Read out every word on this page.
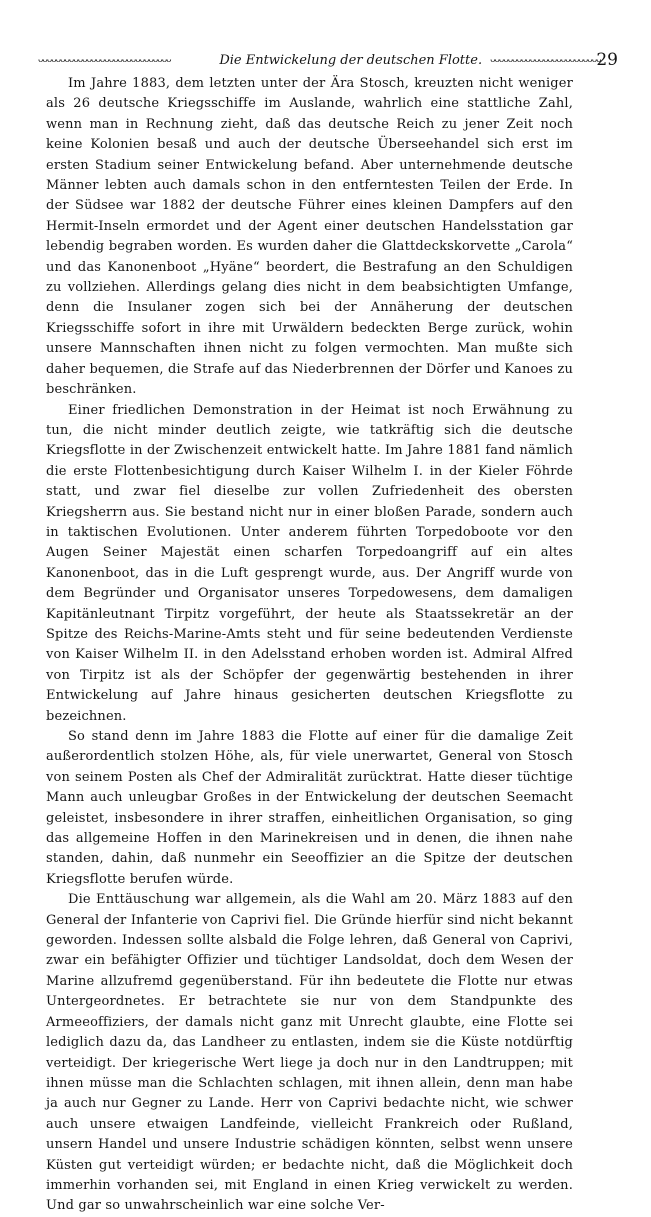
ᴗᴗᴗᴗᴗᴗᴗᴗᴗᴗᴗᴗᴗᴗᴗᴗᴗᴗᴗᴗᴗᴗᴗᴗᴗᴗᴗᴗᴗᴗ	Die Entwickelung der deutschen Flotte. ᴗᴗᴗᴗᴗᴗᴗᴗᴗᴗᴗᴗᴗᴗᴗᴗᴗᴗᴗᴗᴗᴗᴗᴗᴗ
29

Im Jahre 1883, dem letzten unter der Ära Stosch, kreuzten nicht weniger als 26 deutsche Kriegsschiffe im Auslande, wahrlich eine stattliche Zahl, wenn man in Rechnung zieht, daß das deutsche Reich zu jener Zeit noch keine Kolonien besaß und auch der deutsche Überseehandel sich erst im ersten Stadium seiner Entwickelung befand. Aber unternehmende deutsche Männer lebten auch damals schon in den entferntesten Teilen der Erde. In der Südsee war 1882 der deutsche Führer eines kleinen Dampfers auf den Hermit-Inseln ermordet und der Agent einer deutschen Handelsstation gar lebendig begraben worden. Es wurden daher die Glattdeckskorvette „Carola“ und das Kanonenboot „Hyäne“ beordert, die Bestrafung an den Schuldigen zu vollziehen. Allerdings gelang dies nicht in dem beabsichtigten Umfange, denn die Insulaner zogen sich bei der Annäherung der deutschen Kriegsschiffe sofort in ihre mit Urwäldern bedeckten Berge zurück, wohin unsere Mannschaften ihnen nicht zu folgen vermochten. Man mußte sich daher bequemen, die Strafe auf das Niederbrennen der Dörfer und Kanoes zu beschränken.

Einer friedlichen Demonstration in der Heimat ist noch Erwähnung zu tun, die nicht minder deutlich zeigte, wie tatkräftig sich die deutsche Kriegsflotte in der Zwischenzeit entwickelt hatte. Im Jahre 1881 fand nämlich die erste Flottenbesichtigung durch Kaiser Wilhelm I. in der Kieler Föhrde statt, und zwar fiel dieselbe zur vollen Zufriedenheit des obersten Kriegsherrn aus. Sie bestand nicht nur in einer bloßen Parade, sondern auch in taktischen Evolutionen. Unter anderem führten Torpedoboote vor den Augen Seiner Majestät einen scharfen Torpedoangriff auf ein altes Kanonenboot, das in die Luft gesprengt wurde, aus. Der Angriff wurde von dem Begründer und Organisator unseres Torpedowesens, dem damaligen Kapitänleutnant Tirpitz vorgeführt, der heute als Staatssekretär an der Spitze des Reichs-Marine-Amts steht und für seine bedeutenden Verdienste von Kaiser Wilhelm II. in den Adelsstand erhoben worden ist. Admiral Alfred von Tirpitz ist als der Schöpfer der gegenwärtig bestehenden in ihrer Entwickelung auf Jahre hinaus gesicherten deutschen Kriegsflotte zu bezeichnen.

So stand denn im Jahre 1883 die Flotte auf einer für die damalige Zeit außerordentlich stolzen Höhe, als, für viele unerwartet, General von Stosch von seinem Posten als Chef der Admiralität zurücktrat. Hatte dieser tüchtige Mann auch unleugbar Großes in der Entwickelung der deutschen Seemacht geleistet, insbesondere in ihrer straffen, einheitlichen Organisation, so ging das allgemeine Hoffen in den Marinekreisen und in denen, die ihnen nahe standen, dahin, daß nunmehr ein Seeoffizier an die Spitze der deutschen Kriegsflotte berufen würde.

Die Enttäuschung war allgemein, als die Wahl am 20. März 1883 auf den General der Infanterie von Caprivi fiel. Die Gründe hierfür sind nicht bekannt geworden. Indessen sollte alsbald die Folge lehren, daß General von Caprivi, zwar ein befähigter Offizier und tüchtiger Landsoldat, doch dem Wesen der Marine allzufremd gegenüberstand. Für ihn bedeutete die Flotte nur etwas Untergeordnetes. Er betrachtete sie nur von dem Standpunkte des Armeeoffiziers, der damals nicht ganz mit Unrecht glaubte, eine Flotte sei lediglich dazu da, das Landheer zu entlasten, indem sie die Küste notdürftig verteidigt. Der kriegerische Wert liege ja doch nur in den Landtruppen; mit ihnen müsse man die Schlachten schlagen, mit ihnen allein, denn man habe ja auch nur Gegner zu Lande. Herr von Caprivi bedachte nicht, wie schwer auch unsere etwaigen Landfeinde, vielleicht Frankreich oder Rußland, unsern Handel und unsere Industrie schädigen könnten, selbst wenn unsere Küsten gut verteidigt würden; er bedachte nicht, daß die Möglichkeit doch immerhin vorhanden sei, mit England in einen Krieg verwickelt zu werden. Und gar so unwahrscheinlich war eine solche Ver-
